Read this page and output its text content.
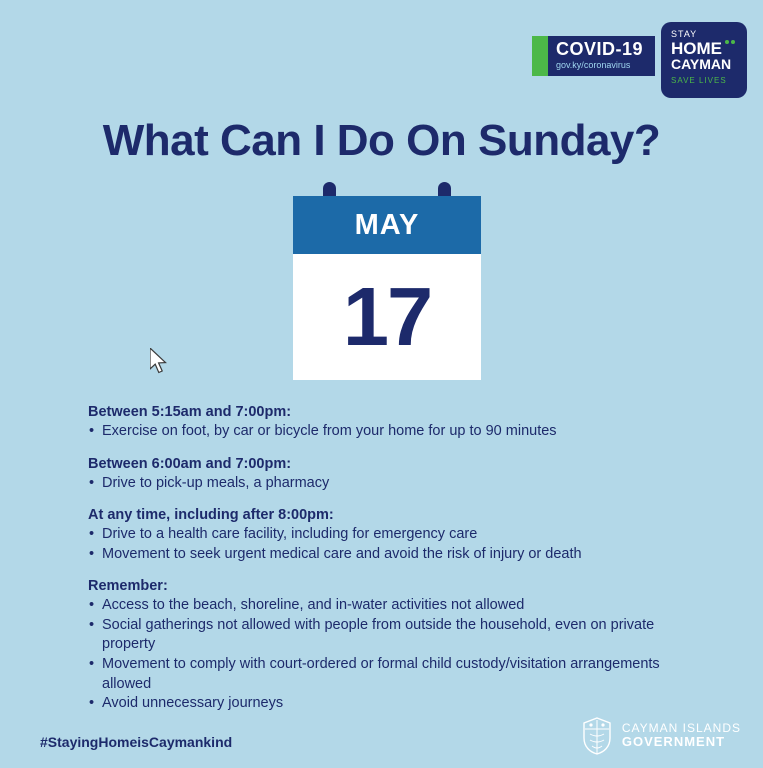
COVID-19
gov.ky/coronavirus
STAY
HOME
CAYMAN
SAVE LIVES
What Can I Do On Sunday?
MAY
17
Between 5:15am and 7:00pm:
• Exercise on foot, by car or bicycle from your home for up to 90 minutes
Between 6:00am and 7:00pm:
• Drive to pick-up meals, a pharmacy
At any time, including after 8:00pm:
• Drive to a health care facility, including for emergency care
• Movement to seek urgent medical care and avoid the risk of injury or death
Remember:
• Access to the beach, shoreline, and in-water activities not allowed
• Social gatherings not allowed with people from outside the household, even on private property
• Movement to comply with court-ordered or formal child custody/visitation arrangements allowed
• Avoid unnecessary journeys
#StayingHomeisCaymankind
CAYMAN ISLANDS
GOVERNMENT
